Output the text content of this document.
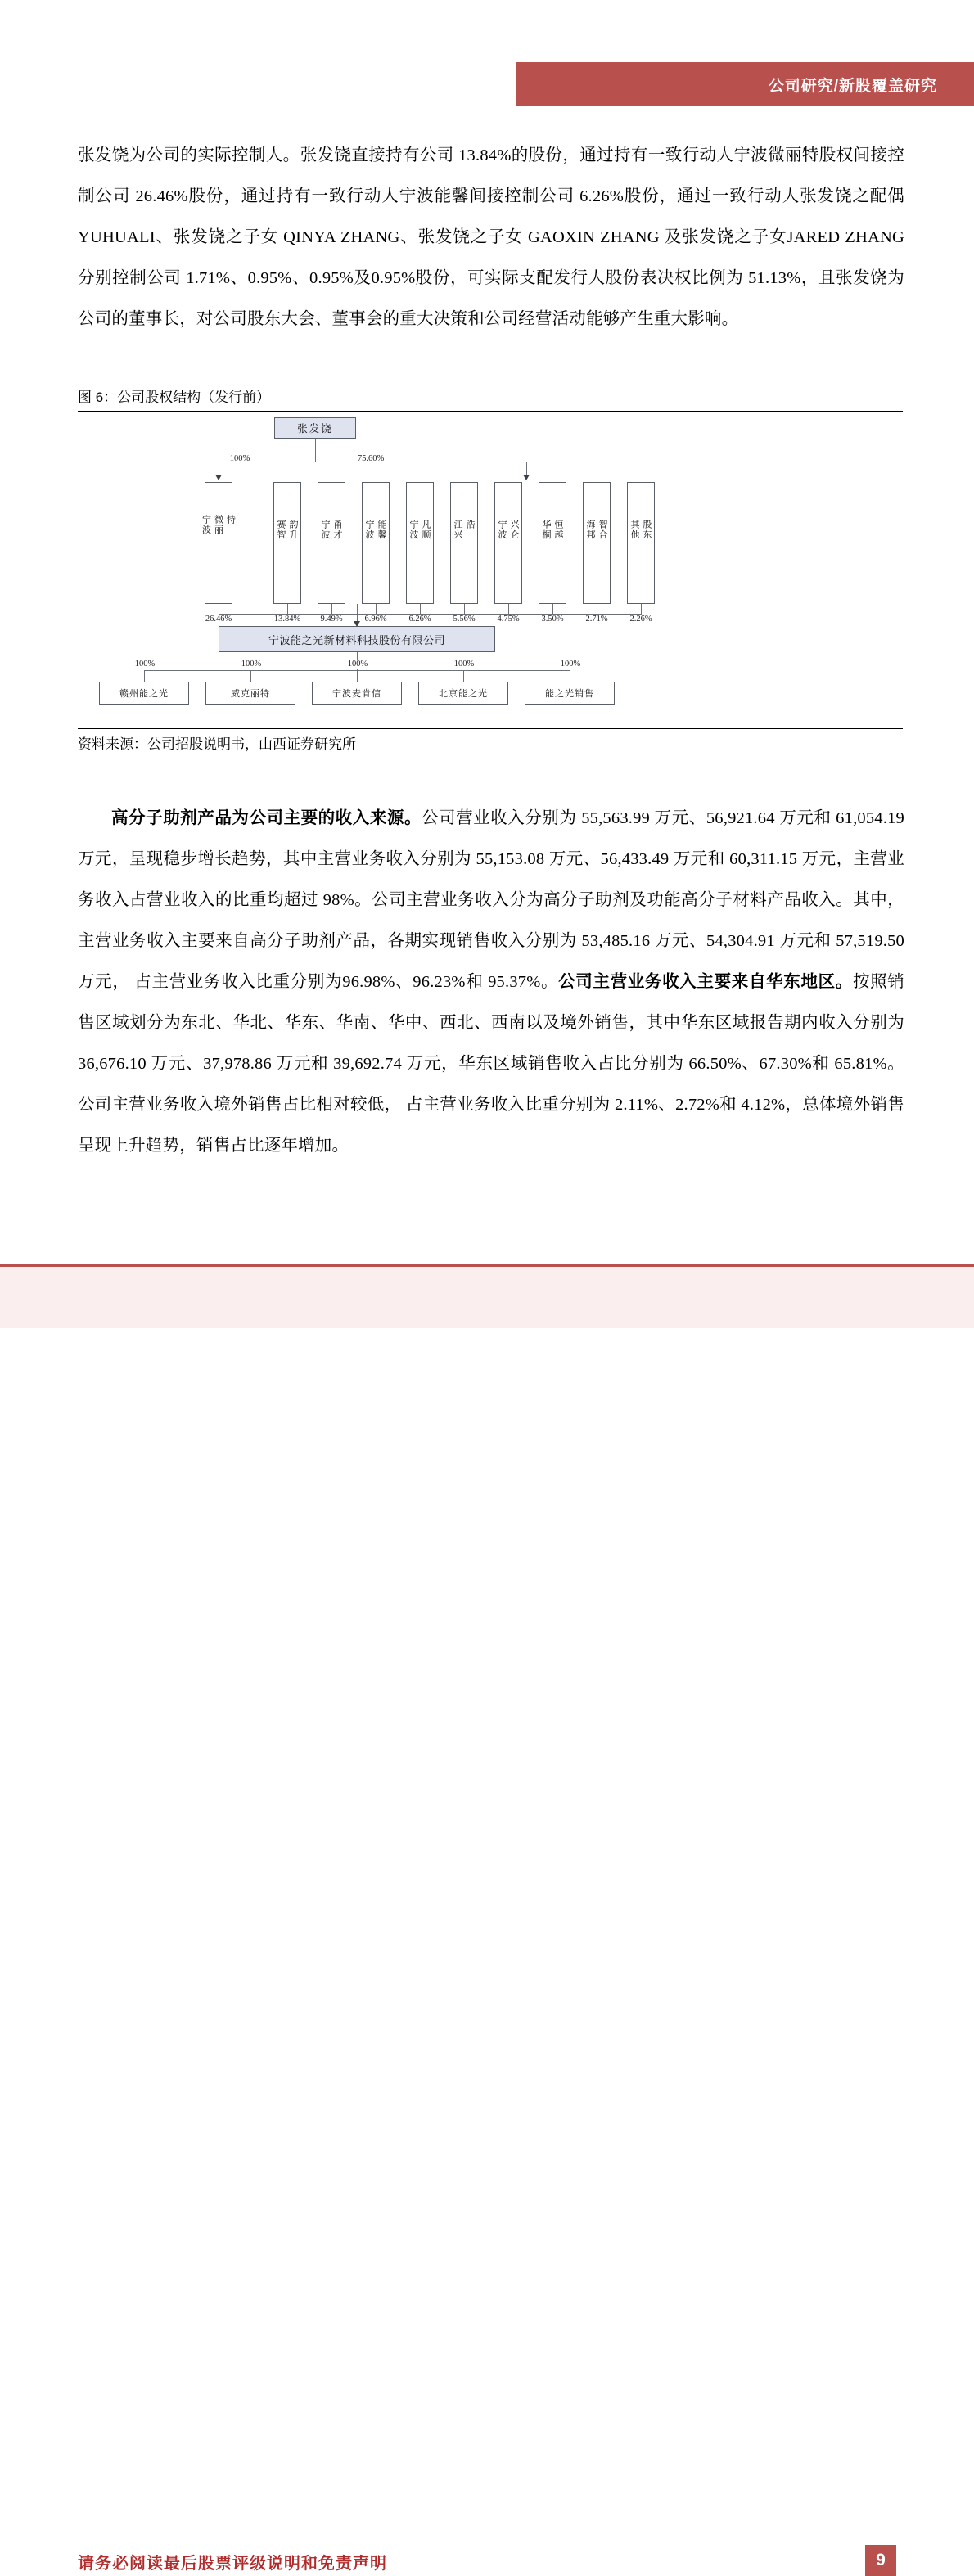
公司研究/新股覆盖研究

张发饶为公司的实际控制人。张发饶直接持有公司 13.84%的股份，通过持有一致行动人宁波微丽特股权间接控制公司 26.46%股份，通过持有一致行动人宁波能馨间接控制公司 6.26%股份，通过一致行动人张发饶之配偶 YUHUALI、张发饶之子女 QINYA ZHANG、张发饶之子女 GAOXIN ZHANG 及张发饶之子女JARED ZHANG 分别控制公司 1.71%、0.95%、0.95%及0.95%股份，可实际支配发行人股份表决权比例为 51.13%，且张发饶为公司的董事长，对公司股东大会、董事会的重大决策和公司经营活动能够产生重大影响。

图 6：公司股权结构（发行前）
张发饶
100%	75.60%
宁波 微丽 特	赛智 韵升 宁波 甬才 宁波 能馨 宁波 凡顺 江兴 浩 宁波 兴仑 华桐 恒越 海邦 智合 其他 股东
26.46%	13.84%	9.49%	6.96%	6.26%	5.56%	4.75%	3.50%	2.71%	2.26%
宁波能之光新材料科技股份有限公司
100%
赣州能之光
100%
威克丽特
100%
宁波麦肯信
100%
北京能之光
100%
能之光销售
资料来源：公司招股说明书，山西证券研究所

高分子助剂产品为公司主要的收入来源。公司营业收入分别为 55,563.99 万元、56,921.64 万元和 61,054.19 万元，呈现稳步增长趋势，其中主营业务收入分别为 55,153.08 万元、56,433.49 万元和 60,311.15 万元，主营业务收入占营业收入的比重均超过 98%。公司主营业务收入分为高分子助剂及功能高分子材料产品收入。其中，主营业务收入主要来自高分子助剂产品，各期实现销售收入分别为 53,485.16 万元、54,304.91 万元和 57,519.50 万元， 占主营业务收入比重分别为96.98%、96.23%和 95.37%。公司主营业务收入主要来自华东地区。按照销售区域划分为东北、华北、华东、华南、华中、西北、西南以及境外销售，其中华东区域报告期内收入分别为 36,676.10 万元、37,978.86 万元和 39,692.74 万元，华东区域销售收入占比分别为 66.50%、67.30%和 65.81%。公司主营业务收入境外销售占比相对较低， 占主营业务收入比重分别为 2.11%、2.72%和 4.12%，总体境外销售呈现上升趋势，销售占比逐年增加。

请务必阅读最后股票评级说明和免责声明	9
